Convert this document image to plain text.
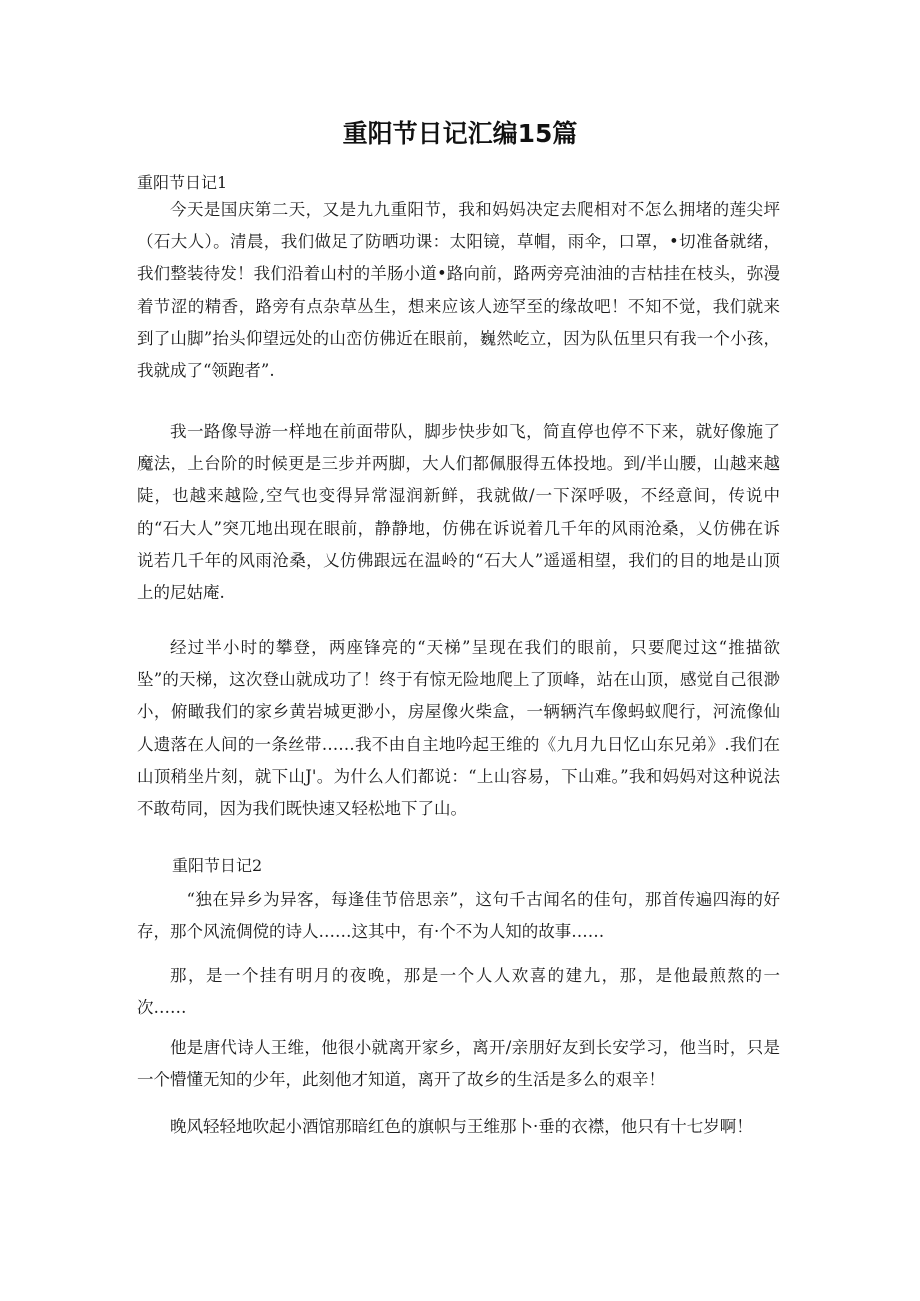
重阳节日记汇编15篇
重阳节日记1

今天是国庆第二天，又是九九重阳节，我和妈妈决定去爬相对不怎么拥堵的莲尖坪（石大人）。清晨，我们做足了防晒功课：太阳镜，草帽，雨伞，口罩，•切准备就绪，我们整装待发！我们沿着山村的羊肠小道•路向前，路两旁亮油油的吉枯挂在枝头，弥漫着节涩的精香，路旁有点杂草丛生，想来应该人迹罕至的缘故吧！不知不觉，我们就来到了山脚”抬头仰望远处的山峦仿佛近在眼前，巍然屹立，因为队伍里只有我一个小孩，我就成了“领跑者”.

我一路像导游一样地在前面带队，脚步快步如飞，简直停也停不下来，就好像施了魔法，上台阶的时候更是三步并两脚，大人们都佩服得五体投地。到/半山腰，山越来越陡，也越来越险,空气也变得异常湿润新鲜，我就做/一下深呼吸，不经意间，传说中的“石大人”突兀地出现在眼前，静静地，仿佛在诉说着几千年的风雨沧桑，乂仿佛在诉说若几千年的风雨沧桑，乂仿佛跟远在温岭的“石大人”遥遥相望，我们的目的地是山顶上的尼姑庵.

经过半小时的攀登，两座锋亮的“天梯”呈现在我们的眼前，只要爬过这“推描欲坠”的天梯，这次登山就成功了！终于有惊无险地爬上了顶峰，站在山顶，感觉自己很渺小，俯瞰我们的家乡黄岩城更渺小，房屋像火柴盒，一辆辆汽车像蚂蚁爬行，河流像仙人遗落在人间的一条丝带……我不由自主地吟起王维的《九月九日忆山东兄弟》.我们在山顶稍坐片刻，就下山J'。为什么人们都说：“上山容易，下山难。”我和妈妈对这种说法不敢苟同，因为我们既快速又轻松地下了山。

重阳节日记2

“独在异乡为异客，每逢佳节倍思亲”，这句千古闻名的佳句，那首传遍四海的好存，那个风流倜傥的诗人……这其中，有·个不为人知的故事……

那，是一个挂有明月的夜晚，那是一个人人欢喜的建九，那，是他最煎熬的一次……

他是唐代诗人王维，他很小就离开家乡，离开/亲朋好友到长安学习，他当时，只是一个懵懂无知的少年，此刻他才知道，离开了故乡的生活是多么的艰辛！

晚风轻轻地吹起小酒馆那暗红色的旗帜与王维那卜·垂的衣襟，他只有十七岁啊！
